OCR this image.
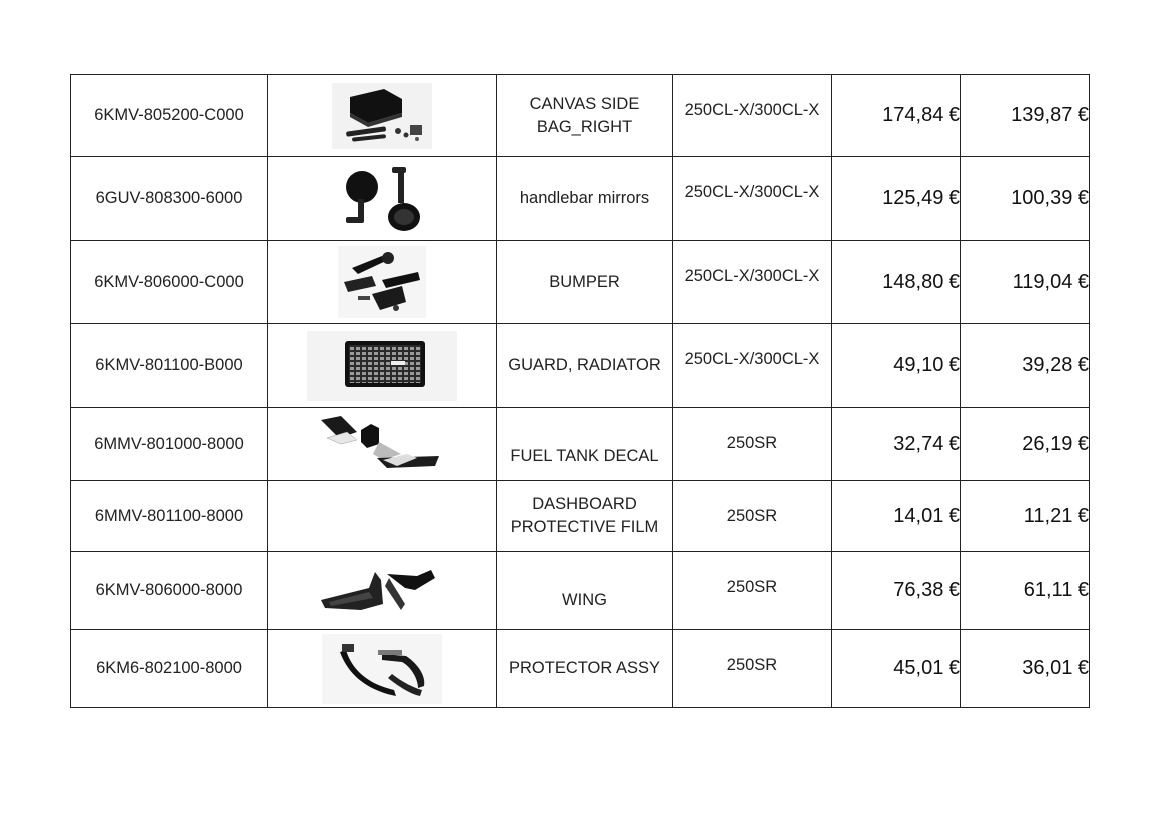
6KMV-805200-C000		CANVAS SIDE BAG_RIGHT	250CL-X/300CL-X	174,84 €	139,87 €
6GUV-808300-6000		handlebar mirrors	250CL-X/300CL-X	125,49 €	100,39 €
6KMV-806000-C000		BUMPER	250CL-X/300CL-X	148,80 €	119,04 €
6KMV-801100-B000		GUARD, RADIATOR	250CL-X/300CL-X	49,10 €	39,28 €
6MMV-801000-8000		FUEL TANK DECAL	250SR	32,74 €	26,19 €
6MMV-801100-8000		DASHBOARD PROTECTIVE FILM	250SR	14,01 €	11,21 €
6KMV-806000-8000		WING	250SR	76,38 €	61,11 €
6KM6-802100-8000		PROTECTOR ASSY	250SR	45,01 €	36,01 €
